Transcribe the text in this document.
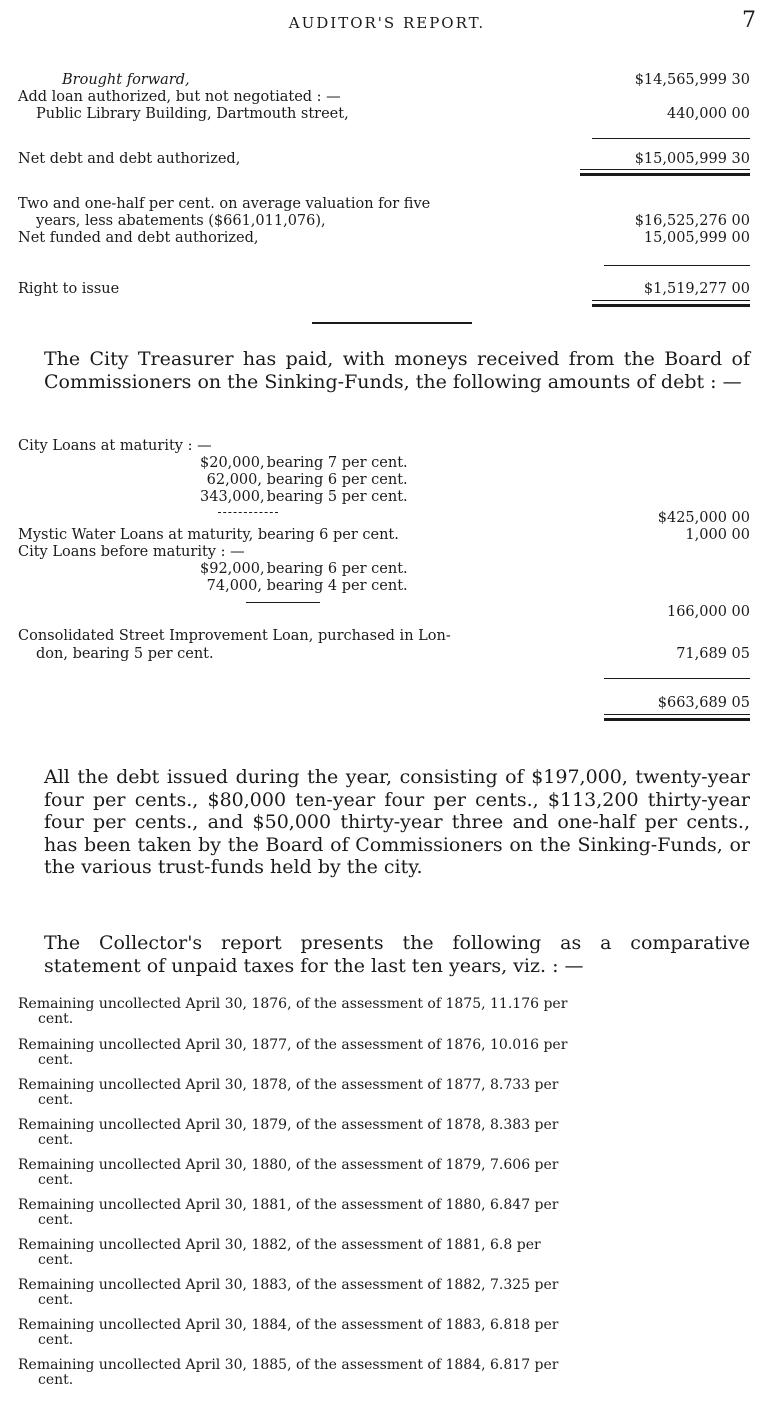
AUDITOR'S REPORT.	7
Brought forward,	$14,565,999 30
Add loan authorized, but not negotiated : —
Public Library Building, Dartmouth street,	440,000 00
Net debt and debt authorized,	$15,005,999 30
Two and one-half per cent. on average valuation for five
years, less abatements ($661,011,076),	$16,525,276 00
Net funded and debt authorized,	15,005,999 00
Right to issue	$1,519,277 00
The City Treasurer has paid, with moneys received from the Board of Commissioners on the Sinking-Funds, the following amounts of debt : —
City Loans at maturity : —
$20,000, bearing 7 per cent.
62,000, bearing 6 per cent.
343,000, bearing 5 per cent.
$425,000 00
Mystic Water Loans at maturity, bearing 6 per cent.	1,000 00
City Loans before maturity : —
$92,000, bearing 6 per cent.
74,000, bearing 4 per cent.
166,000 00
Consolidated Street Improvement Loan, purchased in Lon-
don, bearing 5 per cent.	71,689 05
$663,689 05
All the debt issued during the year, consisting of $197,000, twenty-year four per cents., $80,000 ten-year four per cents., $113,200 thirty-year four per cents., and $50,000 thirty-year three and one-half per cents., has been taken by the Board of Commissioners on the Sinking-Funds, or the various trust-funds held by the city.
The Collector's report presents the following as a comparative statement of unpaid taxes for the last ten years, viz. : —
Remaining uncollected April 30, 1876, of the assessment of 1875, 11.176 per
cent.
Remaining uncollected April 30, 1877, of the assessment of 1876, 10.016 per
cent.
Remaining uncollected April 30, 1878, of the assessment of 1877, 8.733 per
cent.
Remaining uncollected April 30, 1879, of the assessment of 1878, 8.383 per
cent.
Remaining uncollected April 30, 1880, of the assessment of 1879, 7.606 per
cent.
Remaining uncollected April 30, 1881, of the assessment of 1880, 6.847 per
cent.
Remaining uncollected April 30, 1882, of the assessment of 1881, 6.8 per
cent.
Remaining uncollected April 30, 1883, of the assessment of 1882, 7.325 per
cent.
Remaining uncollected April 30, 1884, of the assessment of 1883, 6.818 per
cent.
Remaining uncollected April 30, 1885, of the assessment of 1884, 6.817 per
cent.
